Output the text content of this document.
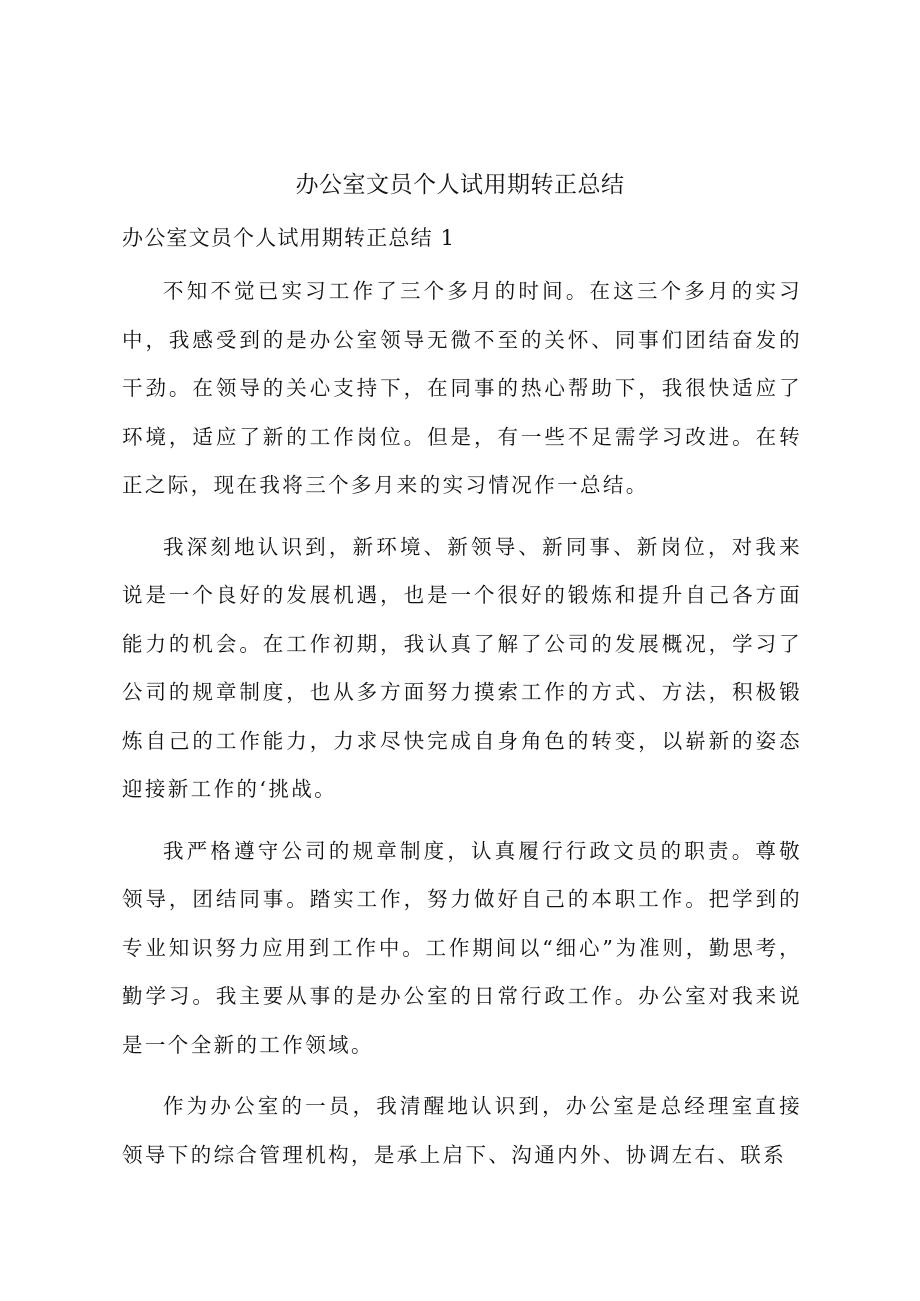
办公室文员个人试用期转正总结

办公室文员个人试用期转正总结 1

不知不觉已实习工作了三个多月的时间。在这三个多月的实习中，我感受到的是办公室领导无微不至的关怀、同事们团结奋发的干劲。在领导的关心支持下，在同事的热心帮助下，我很快适应了环境，适应了新的工作岗位。但是，有一些不足需学习改进。在转正之际，现在我将三个多月来的实习情况作一总结。

我深刻地认识到，新环境、新领导、新同事、新岗位，对我来说是一个良好的发展机遇，也是一个很好的锻炼和提升自己各方面能力的机会。在工作初期，我认真了解了公司的发展概况，学习了公司的规章制度，也从多方面努力摸索工作的方式、方法，积极锻炼自己的工作能力，力求尽快完成自身角色的转变，以崭新的姿态迎接新工作的‘挑战。

我严格遵守公司的规章制度，认真履行行政文员的职责。尊敬领导，团结同事。踏实工作，努力做好自己的本职工作。把学到的专业知识努力应用到工作中。工作期间以“细心”为准则，勤思考，勤学习。我主要从事的是办公室的日常行政工作。办公室对我来说是一个全新的工作领域。

作为办公室的一员，我清醒地认识到，办公室是总经理室直接领导下的综合管理机构，是承上启下、沟通内外、协调左右、联系
